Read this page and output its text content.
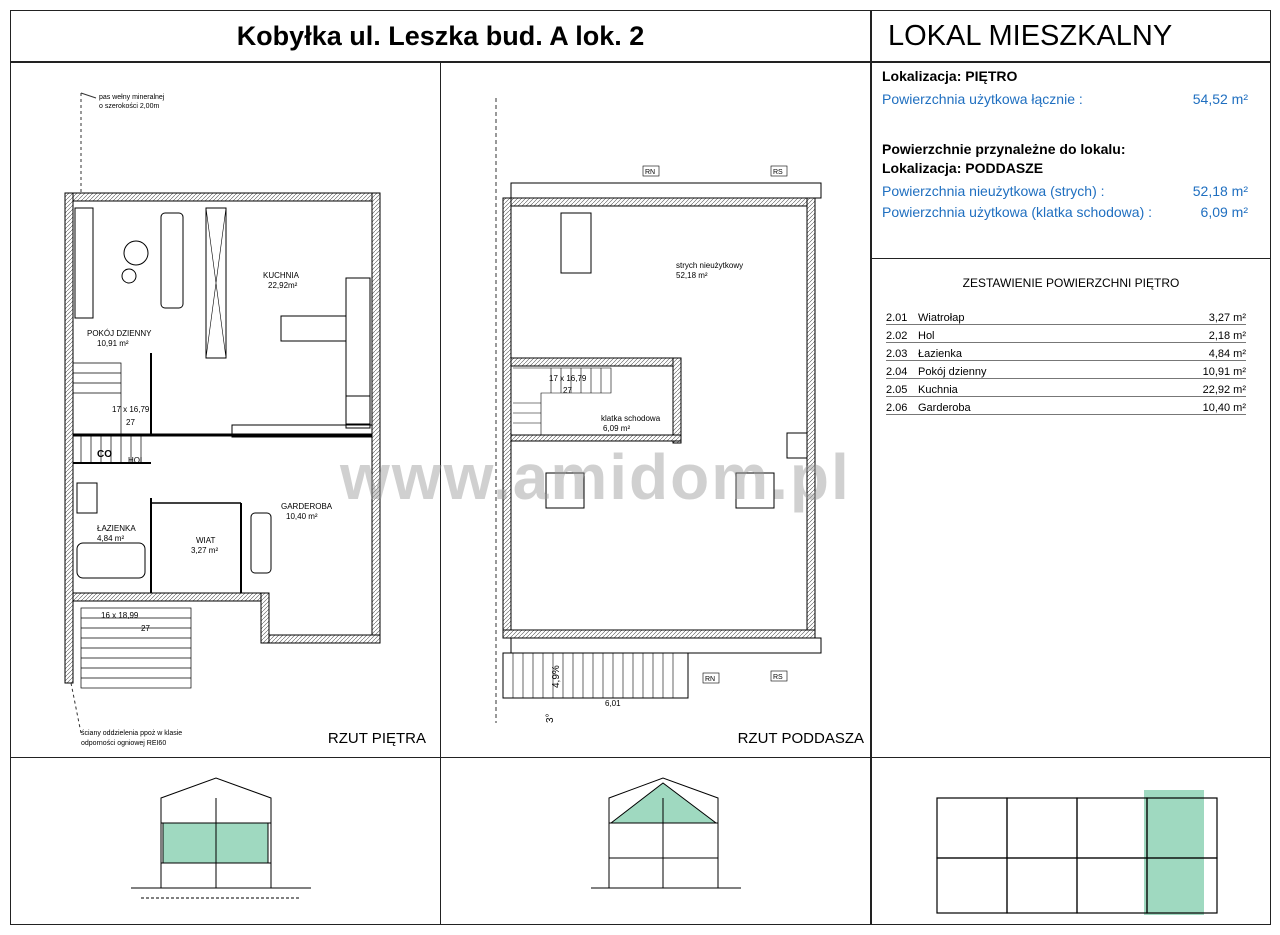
Kobyłka ul. Leszka bud. A lok. 2	LOKAL MIESZKALNY
Lokalizacja:
PIĘTRO
Powierzchnia użytkowa łącznie :	54,52 m²
Powierzchnie przynależne do lokalu:
Lokalizacja:
PODDASZE
Powierzchnia nieużytkowa (strych) :	52,18 m²
Powierzchnia użytkowa (klatka schodowa) :	6,09 m²
ZESTAWIENIE POWIERZCHNI PIĘTRO
2.01 Wiatrołap	3,27 m²
2.02 Hol	2,18 m²
2.03 Łazienka	4,84 m²
2.04 Pokój dzienny	10,91 m²
2.05 Kuchnia	22,92 m²
2.06 Garderoba	10,40 m²
pas wełny mineralnej
o szerokości 2,00m
KUCHNIA
22,92m²
POKÓJ DZIENNY
10,91 m²
GARDEROBA
10,40 m²
ŁAZIENKA
4,84 m²	WIAT
3,27 m²
HOL
17 x 16,79
27
16 x 18,99
27
CO
ściany oddzielenia ppoż w klasie
odporności ogniowej REI60	RZUT PIĘTRA
strych nieużytkowy
52,18 m²
klatka schodowa
6,09 m²
17 x 16,79
27
RN	RS
RN	RS
4,9%
3°
6,01
RZUT PODDASZA
www.amidom.pl
